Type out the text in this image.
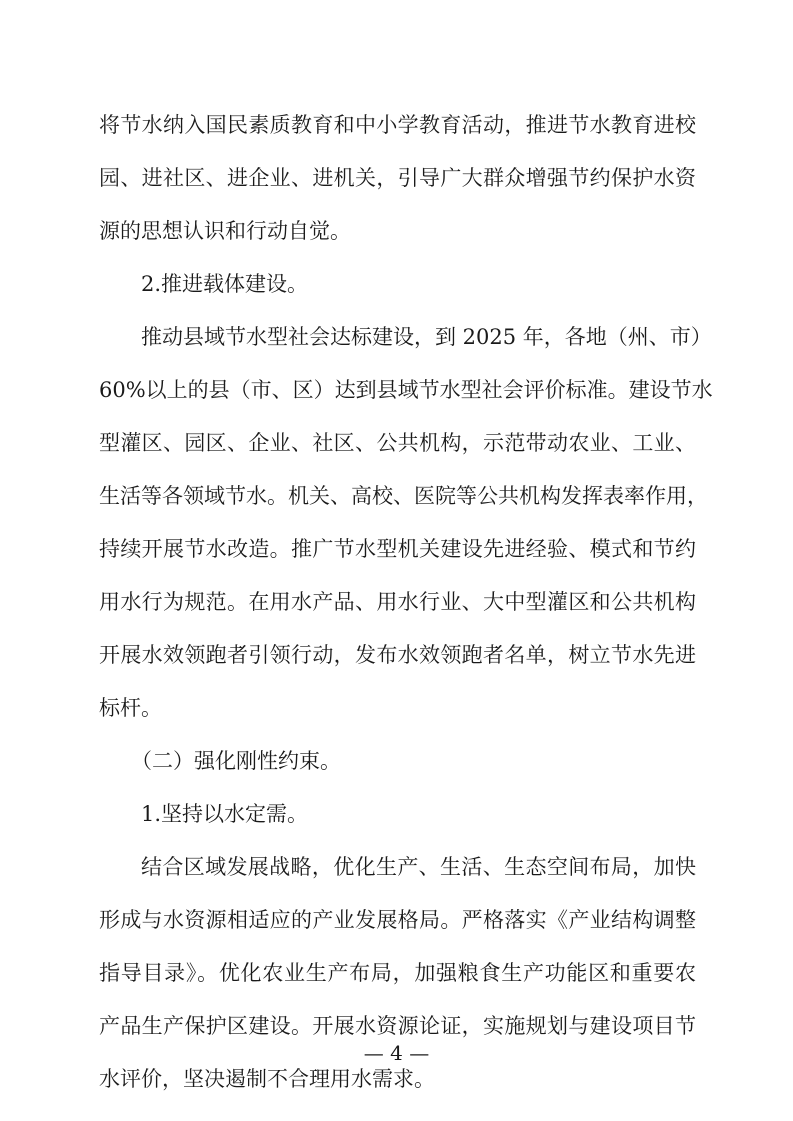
将节水纳入国民素质教育和中小学教育活动，推进节水教育进校
园、进社区、进企业、进机关，引导广大群众增强节约保护水资
源的思想认识和行动自觉。
2.推进载体建设。
推动县域节水型社会达标建设，到 2025 年，各地（州、市）
60%以上的县（市、区）达到县域节水型社会评价标准。建设节水
型灌区、园区、企业、社区、公共机构，示范带动农业、工业、
生活等各领域节水。机关、高校、医院等公共机构发挥表率作用，
持续开展节水改造。推广节水型机关建设先进经验、模式和节约
用水行为规范。在用水产品、用水行业、大中型灌区和公共机构
开展水效领跑者引领行动，发布水效领跑者名单，树立节水先进
标杆。
（二）强化刚性约束。
1.坚持以水定需。
结合区域发展战略，优化生产、生活、生态空间布局，加快
形成与水资源相适应的产业发展格局。严格落实《产业结构调整
指导目录》。优化农业生产布局，加强粮食生产功能区和重要农
产品生产保护区建设。开展水资源论证，实施规划与建设项目节
水评价，坚决遏制不合理用水需求。
— 4 —
